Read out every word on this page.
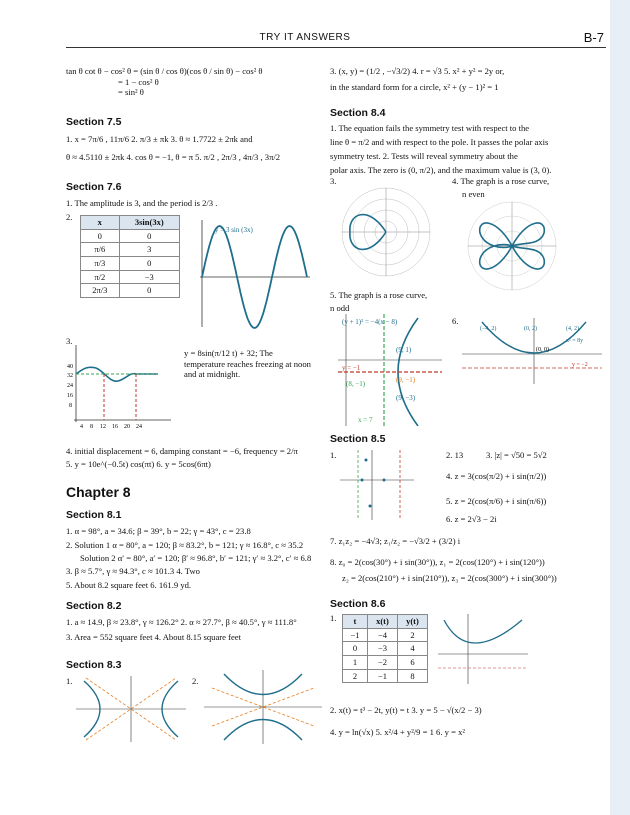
TRY IT ANSWERS	B-7
tan θ cot θ − cos² θ = (sin θ / cos θ)(cos θ / sin θ) − cos² θ
= 1 − cos² θ
= sin² θ
Section 7.5
1. x = 7π/6 , 11π/6 2. π/3 ± πk 3. θ ≈ 1.7722 ± 2πk and
θ ≈ 4.5110 ± 2πk 4. cos θ = −1, θ = π 5. π/2 , 2π/3 , 4π/3 , 3π/2
Section 7.6
1. The amplitude is 3, and the period is 2/3 .
2.	x	3sin(3x)
0	0
π/6	3
π/3	0
π/2	−3
2π/3	0
y = 3 sin (3x)
3.
40
32
24
16
8
4 8 12 16 20 24
y = 8sin(π/12 t) + 32; The temperature reaches freezing at noon and at midnight.
4. initial displacement = 6, damping constant = −6, frequency = 2/π
5. y = 10e^(−0.5t) cos(πt) 6. y = 5cos(6πt)
Chapter 8
Section 8.1
1. α = 98°, a = 34.6; β = 39°, b = 22; γ = 43°, c = 23.8
2. Solution 1 α = 80°, a = 120; β ≈ 83.2°, b = 121; γ ≈ 16.8°, c ≈ 35.2
Solution 2 α′ = 80°, a′ = 120; β′ ≈ 96.8°, b′ = 121; γ′ ≈ 3.2°, c′ ≈ 6.8
3. β ≈ 5.7°, γ ≈ 94.3°, c ≈ 101.3 4. Two
5. About 8.2 square feet 6. 161.9 yd.
Section 8.2
1. a ≈ 14.9, β ≈ 23.8°, γ ≈ 126.2° 2. α ≈ 27.7°, β ≈ 40.5°, γ ≈ 111.8°
3. Area = 552 square feet 4. About 8.15 square feet
Section 8.3
1.	2.
3. (x, y) = (1/2 , −√3/2) 4. r = √3 5. x² + y² = 2y or,
in the standard form for a circle, x² + (y − 1)² = 1
Section 8.4
1. The equation fails the symmetry test with respect to the
line θ = π/2 and with respect to the pole. It passes the polar axis
symmetry test. 2. Tests will reveal symmetry about the
polar axis. The zero is (0, π/2), and the maximum value is (3, 0).
3.	4. The graph is a rose curve,
n even
5. The graph is a rose curve,
n odd
(y + 1)² = −4(x − 8)
y = −1
x = 7
(9, 1)
(8, −1)	(9, −1)
(9, −3)
6.
(−4, 2)	(0, 2)	(4, 2)
x² = 8y
(0, 0)
y = −2
Section 8.5
1.	2. 13	3. |z| = √50 = 5√2
4. z = 3(cos(π/2) + i sin(π/2))
5. z = 2(cos(π/6) + i sin(π/6))
6. z = 2√3 − 2i
7. z₁z₂ = −4√3; z₁/z₂ = −√3/2 + (3/2) i
8. z₀ = 2(cos(30°) + i sin(30°)), z₁ = 2(cos(120°) + i sin(120°))
z₂ = 2(cos(210°) + i sin(210°)), z₃ = 2(cos(300°) + i sin(300°))
Section 8.6
1. t	x(t)	y(t)
−1	−4	2
0	−3	4
1	−2	6
2	−1	8
2. x(t) = t³ − 2t, y(t) = t 3. y = 5 − √(x/2 − 3)
4. y = ln(√x) 5. x²/4 + y²/9 = 1 6. y = x²
